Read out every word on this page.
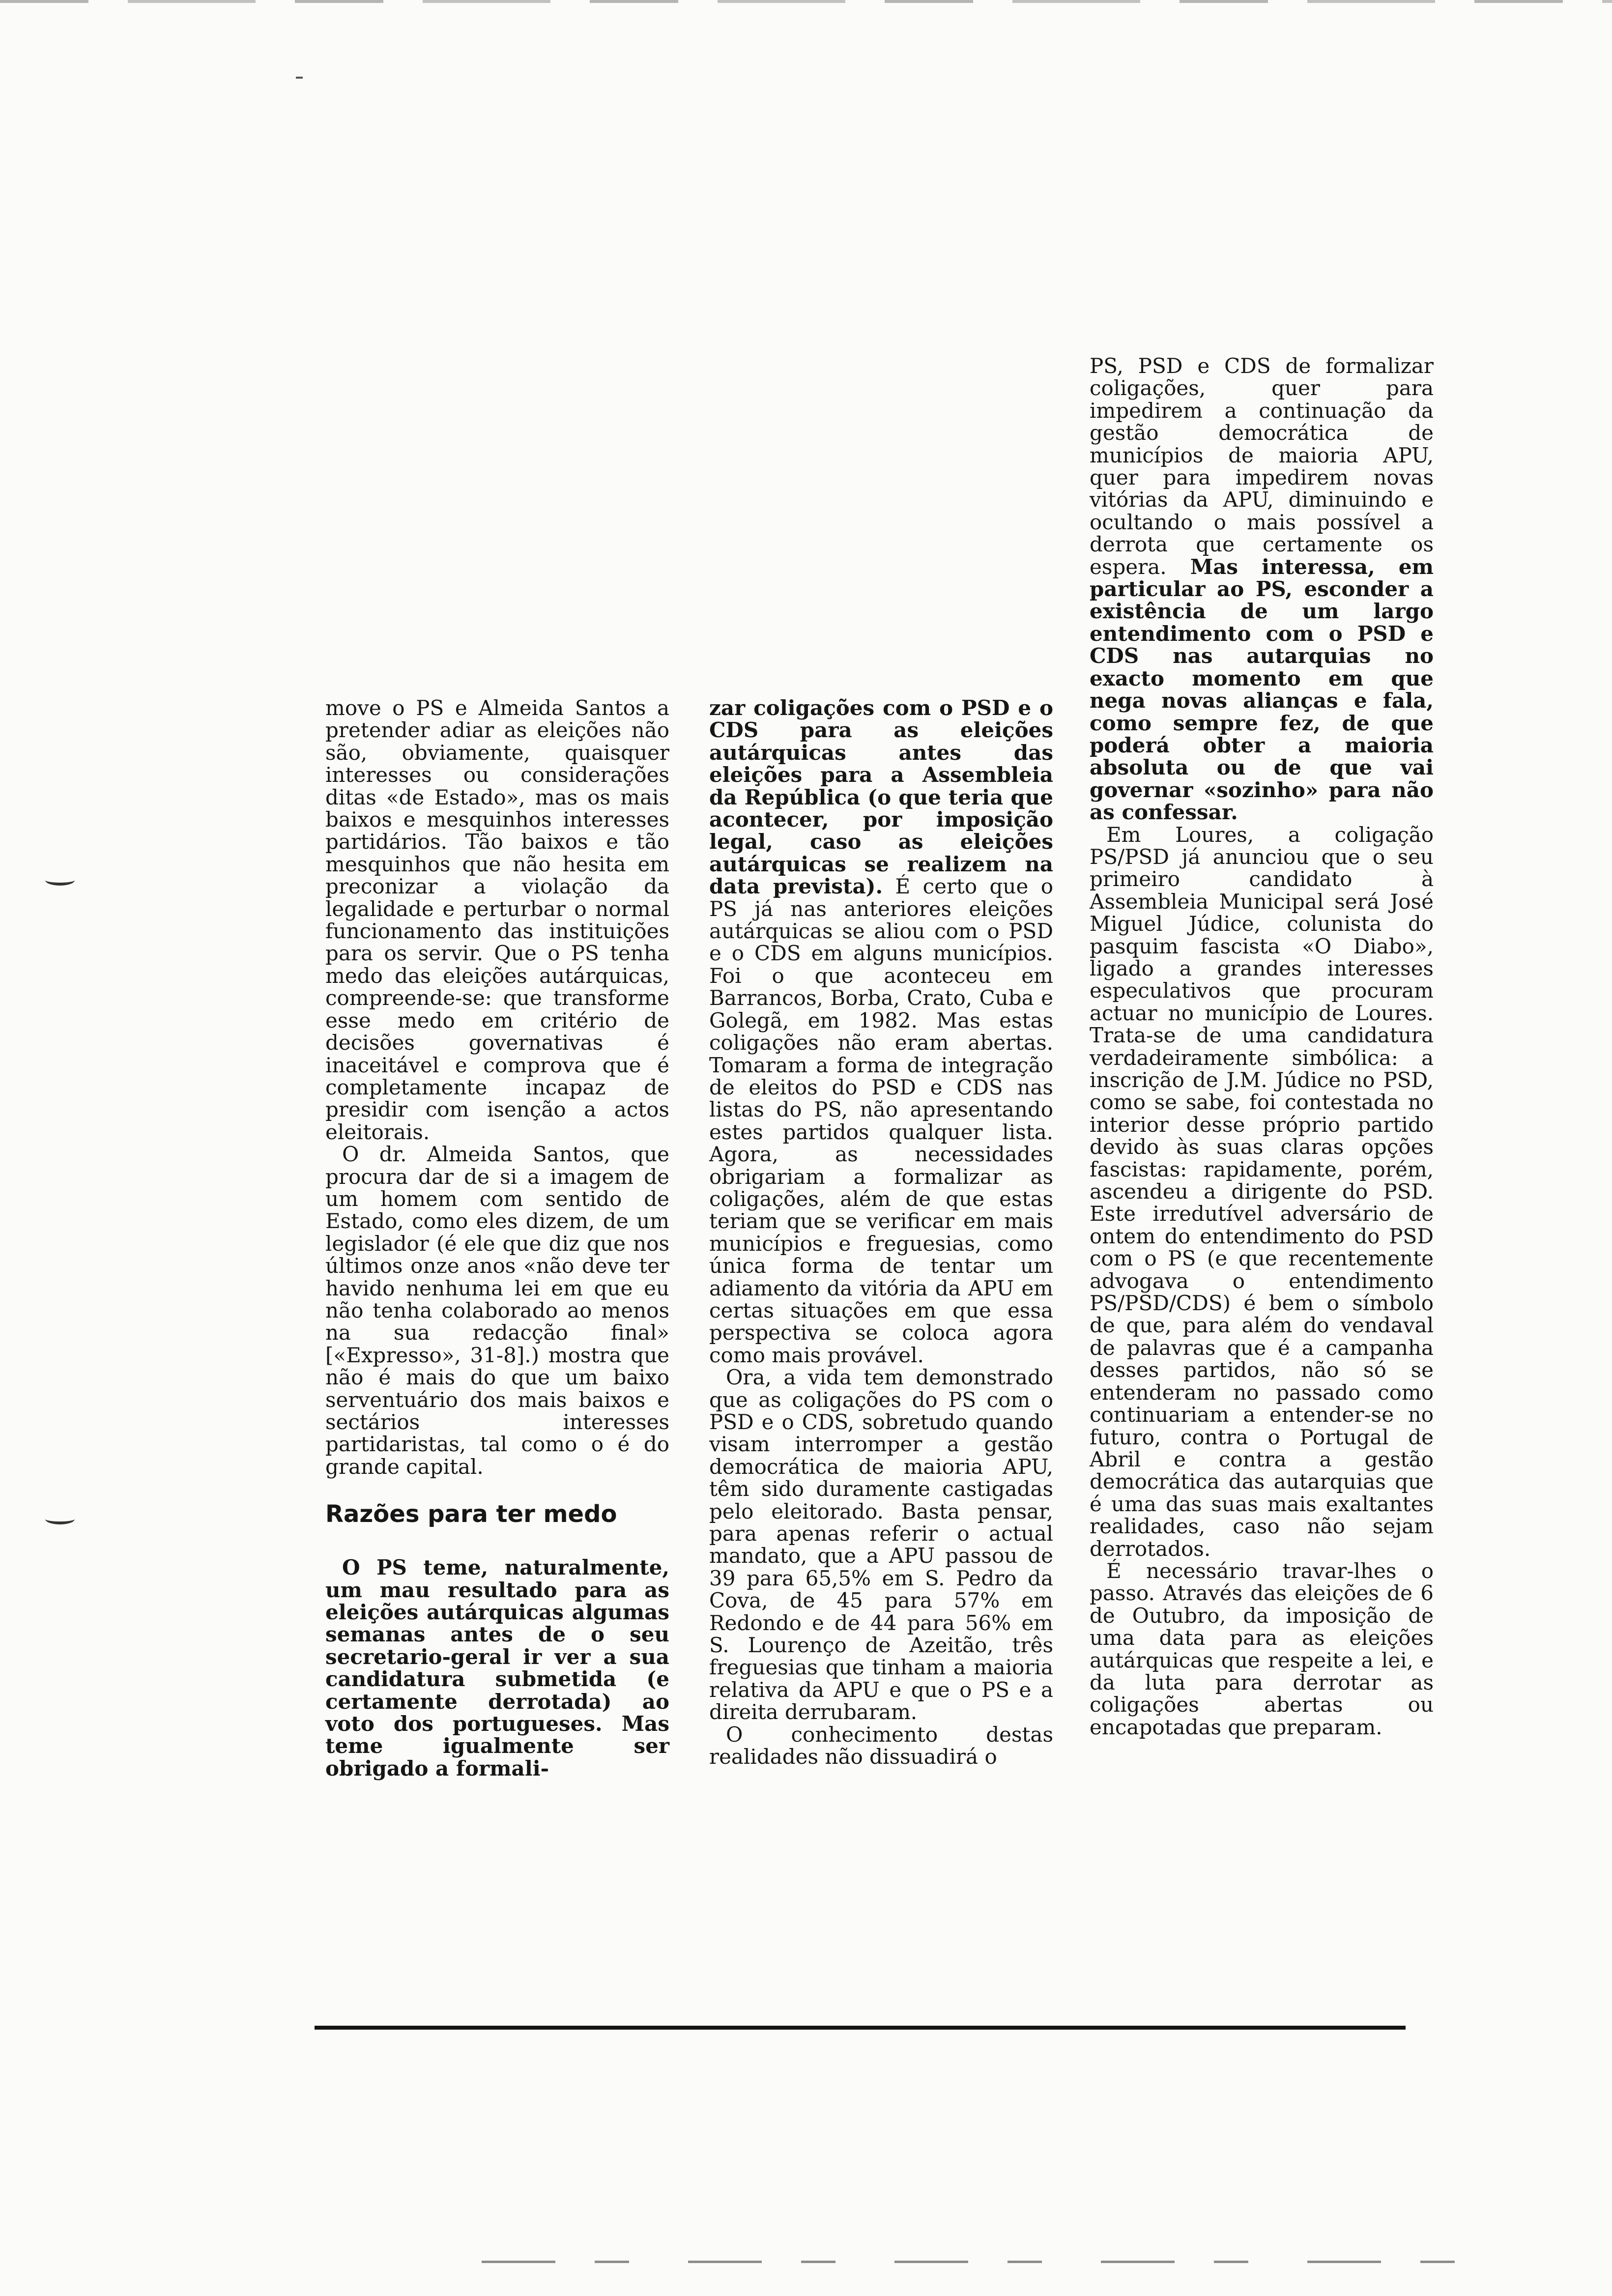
move o PS e Almeida Santos a pretender adiar as eleições não são, obviamente, quaisquer interesses ou considerações ditas «de Estado», mas os mais baixos e mesquinhos interesses partidários. Tão baixos e tão mesquinhos que não hesita em preconizar a violação da legalidade e perturbar o normal funcionamento das instituições para os servir. Que o PS tenha medo das eleições autárquicas, compreende-se: que transforme esse medo em critério de decisões governativas é inaceitável e comprova que é completamente incapaz de presidir com isenção a actos eleitorais.

O dr. Almeida Santos, que procura dar de si a imagem de um homem com sentido de Estado, como eles dizem, de um legislador (é ele que diz que nos últimos onze anos «não deve ter havido nenhuma lei em que eu não tenha colaborado ao menos na sua redacção final» [«Expresso», 31-8].) mostra que não é mais do que um baixo serventuário dos mais baixos e sectários interesses partidaristas, tal como o é do grande capital.

Razões para ter medo

O PS teme, naturalmente, um mau resultado para as eleições autárquicas algumas semanas antes de o seu secretario-geral ir ver a sua candidatura submetida (e certamente derrotada) ao voto dos portugueses. Mas teme igualmente ser obrigado a formali-

zar coligações com o PSD e o CDS para as eleições autárquicas antes das eleições para a Assembleia da República (o que teria que acontecer, por imposição legal, caso as eleições autárquicas se realizem na data prevista). É certo que o PS já nas anteriores eleições autárquicas se aliou com o PSD e o CDS em alguns municípios. Foi o que aconteceu em Barrancos, Borba, Crato, Cuba e Golegã, em 1982. Mas estas coligações não eram abertas. Tomaram a forma de integração de eleitos do PSD e CDS nas listas do PS, não apresentando estes partidos qualquer lista. Agora, as necessidades obrigariam a formalizar as coligações, além de que estas teriam que se verificar em mais municípios e freguesias, como única forma de tentar um adiamento da vitória da APU em certas situações em que essa perspectiva se coloca agora como mais provável.

Ora, a vida tem demonstrado que as coligações do PS com o PSD e o CDS, sobretudo quando visam interromper a gestão democrática de maioria APU, têm sido duramente castigadas pelo eleitorado. Basta pensar, para apenas referir o actual mandato, que a APU passou de 39 para 65,5% em S. Pedro da Cova, de 45 para 57% em Redondo e de 44 para 56% em S. Lourenço de Azeitão, três freguesias que tinham a maioria relativa da APU e que o PS e a direita derrubaram.

O conhecimento destas realidades não dissuadirá o

PS, PSD e CDS de formalizar coligações, quer para impedirem a continuação da gestão democrática de municípios de maioria APU, quer para impedirem novas vitórias da APU, diminuindo e ocultando o mais possível a derrota que certamente os espera. Mas interessa, em particular ao PS, esconder a existência de um largo entendimento com o PSD e CDS nas autarquias no exacto momento em que nega novas alianças e fala, como sempre fez, de que poderá obter a maioria absoluta ou de que vai governar «sozinho» para não as confessar.

Em Loures, a coligação PS/PSD já anunciou que o seu primeiro candidato à Assembleia Municipal será José Miguel Júdice, colunista do pasquim fascista «O Diabo», ligado a grandes interesses especulativos que procuram actuar no município de Loures. Trata-se de uma candidatura verdadeiramente simbólica: a inscrição de J.M. Júdice no PSD, como se sabe, foi contestada no interior desse próprio partido devido às suas claras opções fascistas: rapidamente, porém, ascendeu a dirigente do PSD. Este irredutível adversário de ontem do entendimento do PSD com o PS (e que recentemente advogava o entendimento PS/PSD/CDS) é bem o símbolo de que, para além do vendaval de palavras que é a campanha desses partidos, não só se entenderam no passado como continuariam a entender-se no futuro, contra o Portugal de Abril e contra a gestão democrática das autarquias que é uma das suas mais exaltantes realidades, caso não sejam derrotados.

É necessário travar-lhes o passo. Através das eleições de 6 de Outubro, da imposição de uma data para as eleições autárquicas que respeite a lei, e da luta para derrotar as coligações abertas ou encapotadas que preparam.
